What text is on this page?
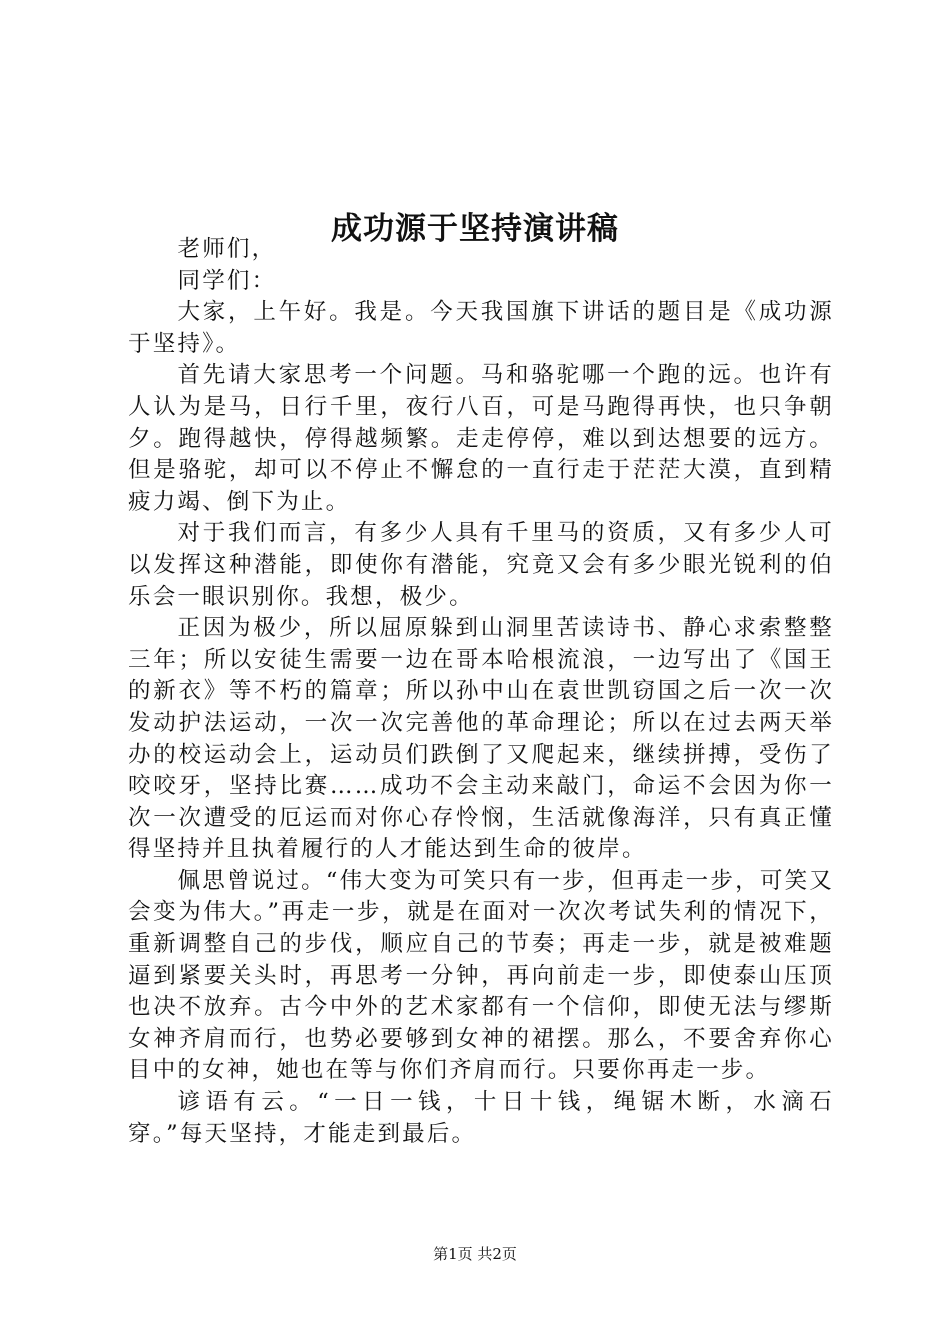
成功源于坚持演讲稿

老师们，

同学们：

大家，上午好。我是。今天我国旗下讲话的题目是《成功源于坚持》。

首先请大家思考一个问题。马和骆驼哪一个跑的远。也许有人认为是马，日行千里，夜行八百，可是马跑得再快，也只争朝夕。跑得越快，停得越频繁。走走停停，难以到达想要的远方。但是骆驼，却可以不停止不懈怠的一直行走于茫茫大漠，直到精疲力竭、倒下为止。

对于我们而言，有多少人具有千里马的资质，又有多少人可以发挥这种潜能，即使你有潜能，究竟又会有多少眼光锐利的伯乐会一眼识别你。我想，极少。

正因为极少，所以屈原躲到山洞里苦读诗书、静心求索整整三年；所以安徒生需要一边在哥本哈根流浪，一边写出了《国王的新衣》等不朽的篇章；所以孙中山在袁世凯窃国之后一次一次发动护法运动，一次一次完善他的革命理论；所以在过去两天举办的校运动会上，运动员们跌倒了又爬起来，继续拼搏，受伤了咬咬牙，坚持比赛……成功不会主动来敲门，命运不会因为你一次一次遭受的厄运而对你心存怜悯，生活就像海洋，只有真正懂得坚持并且执着履行的人才能达到生命的彼岸。

佩思曾说过。“伟大变为可笑只有一步，但再走一步，可笑又会变为伟大。”再走一步，就是在面对一次次考试失利的情况下，重新调整自己的步伐，顺应自己的节奏；再走一步，就是被难题逼到紧要关头时，再思考一分钟，再向前走一步，即使泰山压顶也决不放弃。古今中外的艺术家都有一个信仰，即使无法与缪斯女神齐肩而行，也势必要够到女神的裙摆。那么，不要舍弃你心目中的女神，她也在等与你们齐肩而行。只要你再走一步。

谚语有云。“一日一钱，十日十钱，绳锯木断，水滴石穿。”每天坚持，才能走到最后。

第1页 共2页
